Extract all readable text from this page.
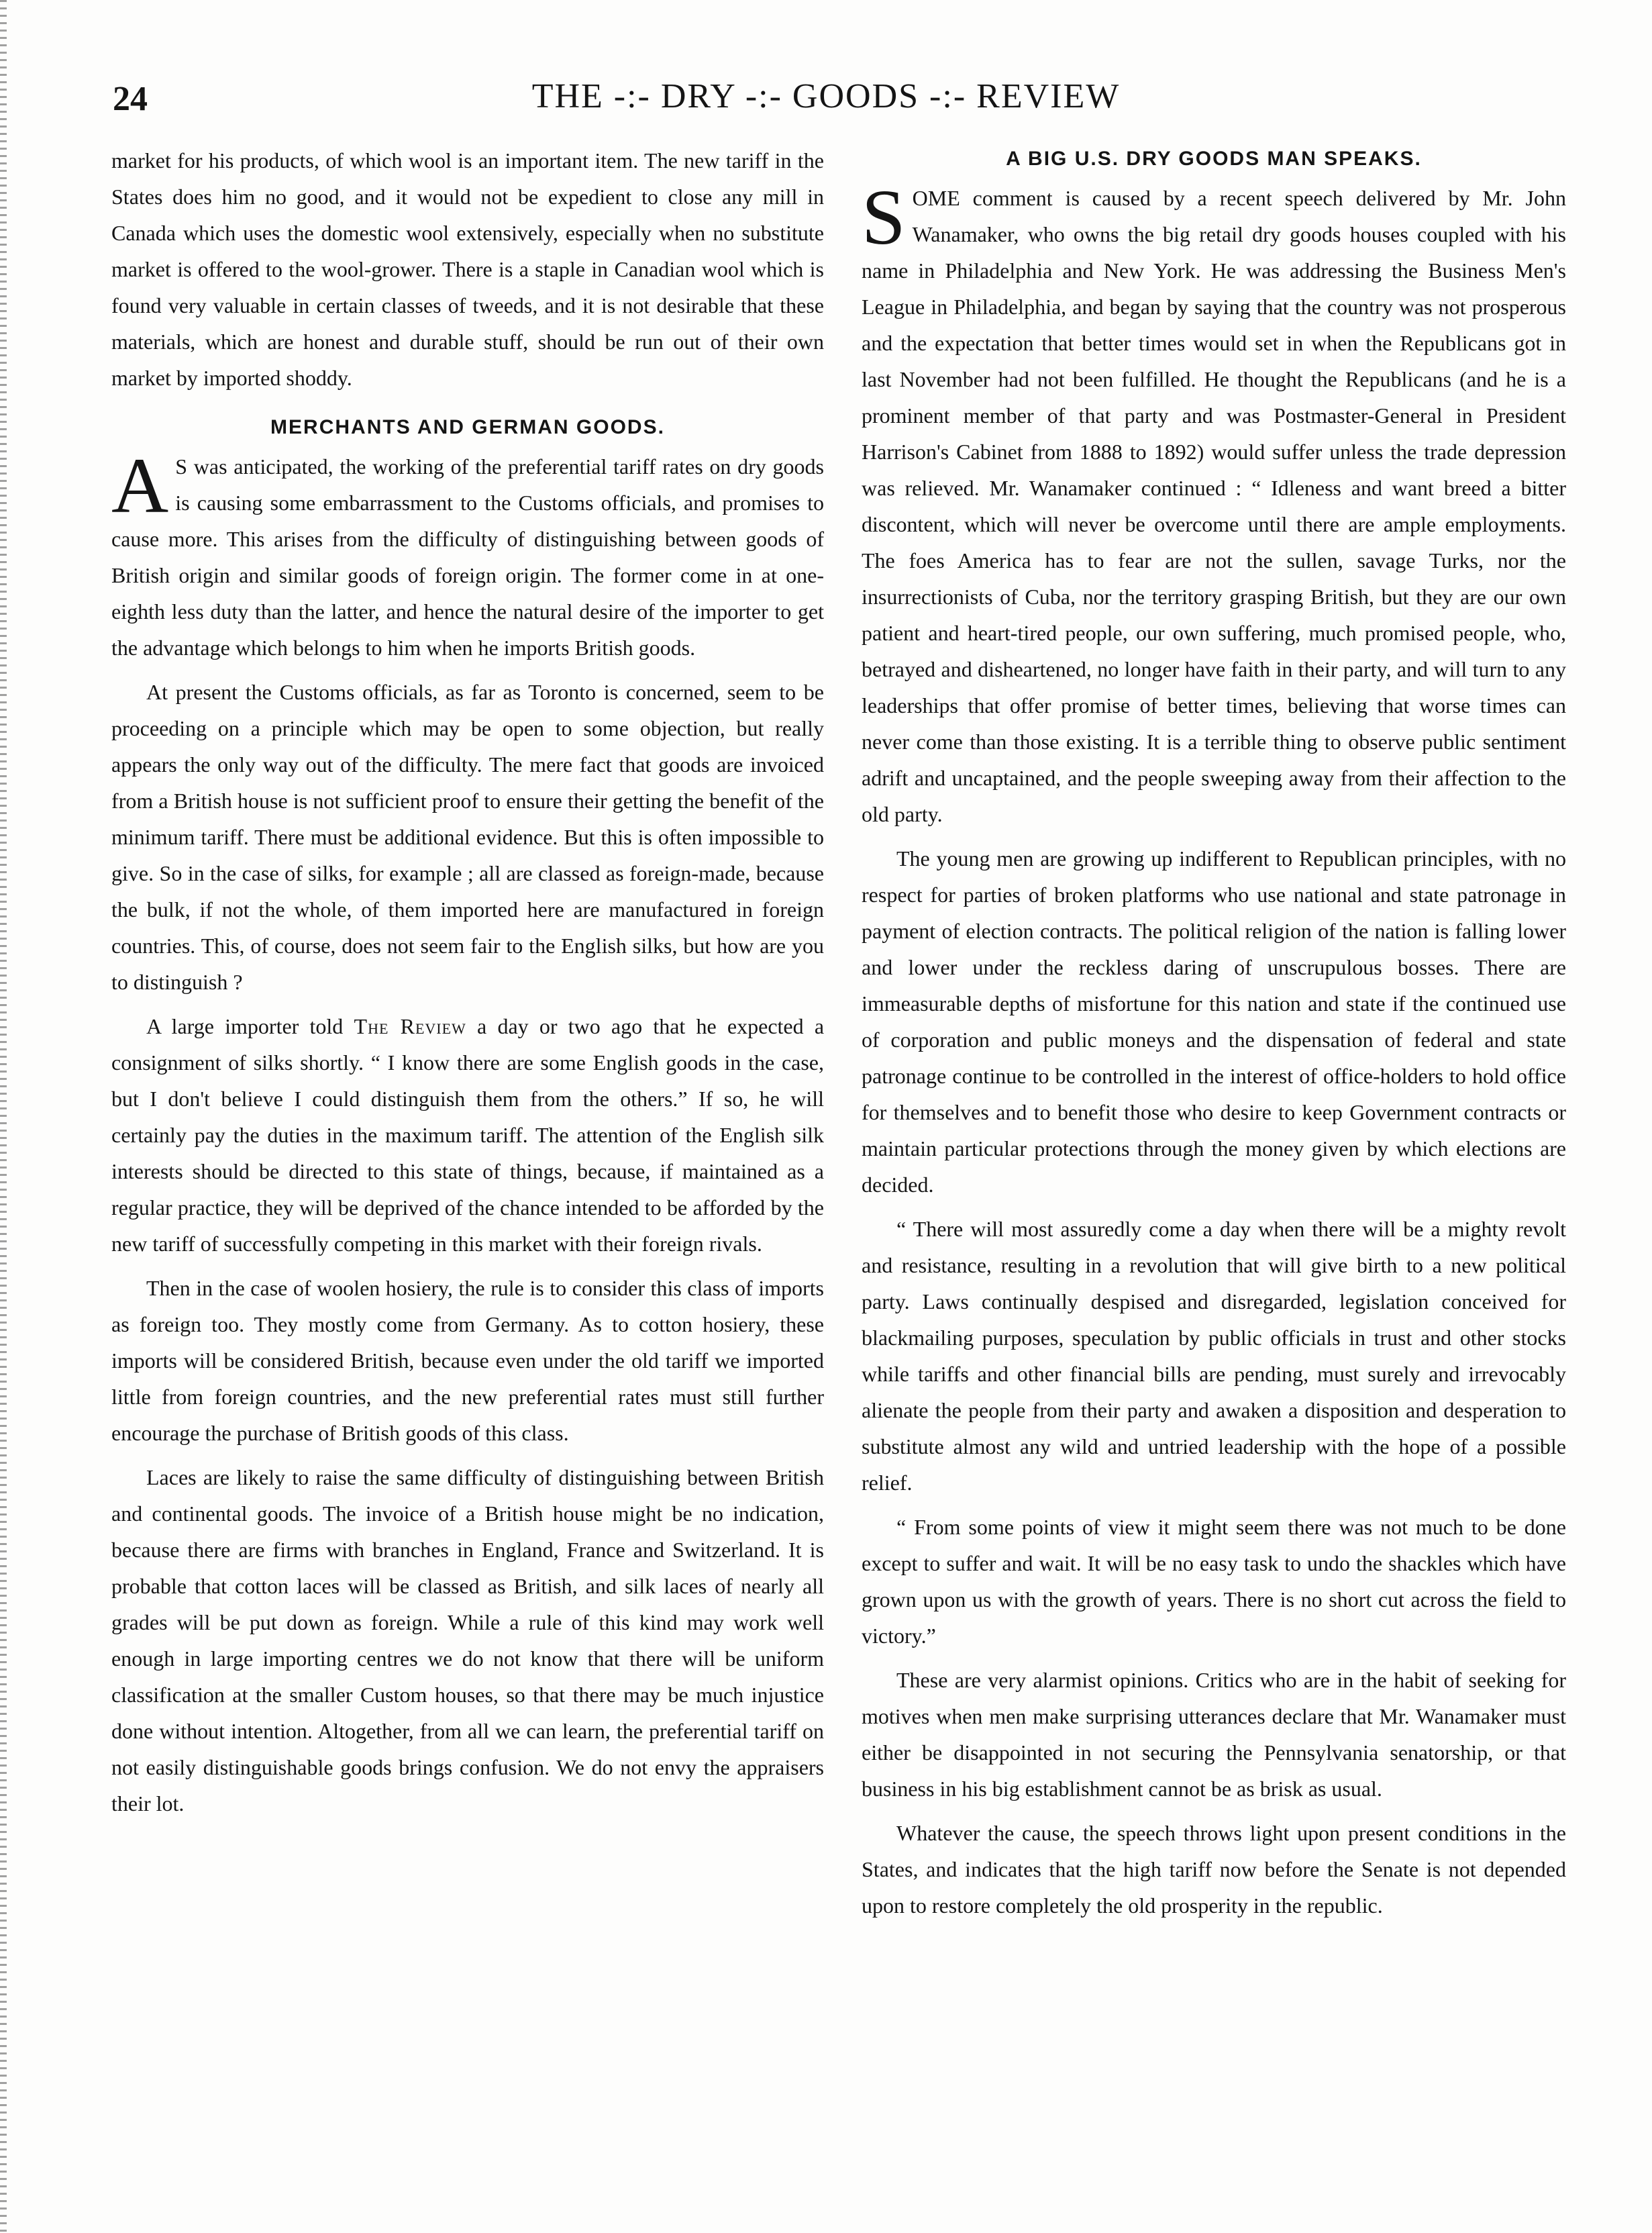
24	THE -:- DRY -:- GOODS -:- REVIEW

market for his products, of which wool is an important item. The new tariff in the States does him no good, and it would not be expedient to close any mill in Canada which uses the domestic wool extensively, especially when no substitute market is offered to the wool-grower. There is a staple in Canadian wool which is found very valuable in certain classes of tweeds, and it is not desirable that these materials, which are honest and durable stuff, should be run out of their own market by imported shoddy.

MERCHANTS AND GERMAN GOODS.

A S was anticipated, the working of the preferential tariff rates on dry goods is causing some embarrassment to the Customs officials, and promises to cause more. This arises from the difficulty of distinguishing between goods of British origin and similar goods of foreign origin. The former come in at one-eighth less duty than the latter, and hence the natural desire of the importer to get the advantage which belongs to him when he imports British goods.

At present the Customs officials, as far as Toronto is concerned, seem to be proceeding on a principle which may be open to some objection, but really appears the only way out of the difficulty. The mere fact that goods are invoiced from a British house is not sufficient proof to ensure their getting the benefit of the minimum tariff. There must be additional evidence. But this is often impossible to give. So in the case of silks, for example ; all are classed as foreign-made, because the bulk, if not the whole, of them imported here are manufactured in foreign countries. This, of course, does not seem fair to the English silks, but how are you to distinguish ?

A large importer told The Review a day or two ago that he expected a consignment of silks shortly. “ I know there are some English goods in the case, but I don't believe I could distinguish them from the others.” If so, he will certainly pay the duties in the maximum tariff. The attention of the English silk interests should be directed to this state of things, because, if maintained as a regular practice, they will be deprived of the chance intended to be afforded by the new tariff of successfully competing in this market with their foreign rivals.

Then in the case of woolen hosiery, the rule is to consider this class of imports as foreign too. They mostly come from Germany. As to cotton hosiery, these imports will be considered British, because even under the old tariff we imported little from foreign countries, and the new preferential rates must still further encourage the purchase of British goods of this class.

Laces are likely to raise the same difficulty of distinguishing between British and continental goods. The invoice of a British house might be no indication, because there are firms with branches in England, France and Switzerland. It is probable that cotton laces will be classed as British, and silk laces of nearly all grades will be put down as foreign. While a rule of this kind may work well enough in large importing centres we do not know that there will be uniform classification at the smaller Custom houses, so that there may be much injustice done without intention. Altogether, from all we can learn, the preferential tariff on not easily distinguishable goods brings confusion. We do not envy the appraisers their lot.

A BIG U.S. DRY GOODS MAN SPEAKS.

SOME comment is caused by a recent speech delivered by Mr. John Wanamaker, who owns the big retail dry goods houses coupled with his name in Philadelphia and New York. He was addressing the Business Men's League in Philadelphia, and began by saying that the country was not prosperous and the expectation that better times would set in when the Republicans got in last November had not been fulfilled. He thought the Republicans (and he is a prominent member of that party and was Postmaster-General in President Harrison's Cabinet from 1888 to 1892) would suffer unless the trade depression was relieved. Mr. Wanamaker continued : “ Idleness and want breed a bitter discontent, which will never be overcome until there are ample employments. The foes America has to fear are not the sullen, savage Turks, nor the insurrectionists of Cuba, nor the territory grasping British, but they are our own patient and heart-tired people, our own suffering, much promised people, who, betrayed and disheartened, no longer have faith in their party, and will turn to any leaderships that offer promise of better times, believing that worse times can never come than those existing. It is a terrible thing to observe public sentiment adrift and uncaptained, and the people sweeping away from their affection to the old party.

The young men are growing up indifferent to Republican principles, with no respect for parties of broken platforms who use national and state patronage in payment of election contracts. The political religion of the nation is falling lower and lower under the reckless daring of unscrupulous bosses. There are immeasurable depths of misfortune for this nation and state if the continued use of corporation and public moneys and the dispensation of federal and state patronage continue to be controlled in the interest of office-holders to hold office for themselves and to benefit those who desire to keep Government contracts or maintain particular protections through the money given by which elections are decided.

“ There will most assuredly come a day when there will be a mighty revolt and resistance, resulting in a revolution that will give birth to a new political party. Laws continually despised and disregarded, legislation conceived for blackmailing purposes, speculation by public officials in trust and other stocks while tariffs and other financial bills are pending, must surely and irrevocably alienate the people from their party and awaken a disposition and desperation to substitute almost any wild and untried leadership with the hope of a possible relief.

“ From some points of view it might seem there was not much to be done except to suffer and wait. It will be no easy task to undo the shackles which have grown upon us with the growth of years. There is no short cut across the field to victory.”

These are very alarmist opinions. Critics who are in the habit of seeking for motives when men make surprising utterances declare that Mr. Wanamaker must either be disappointed in not securing the Pennsylvania senatorship, or that business in his big establishment cannot be as brisk as usual.

Whatever the cause, the speech throws light upon present conditions in the States, and indicates that the high tariff now before the Senate is not depended upon to restore completely the old prosperity in the republic.
